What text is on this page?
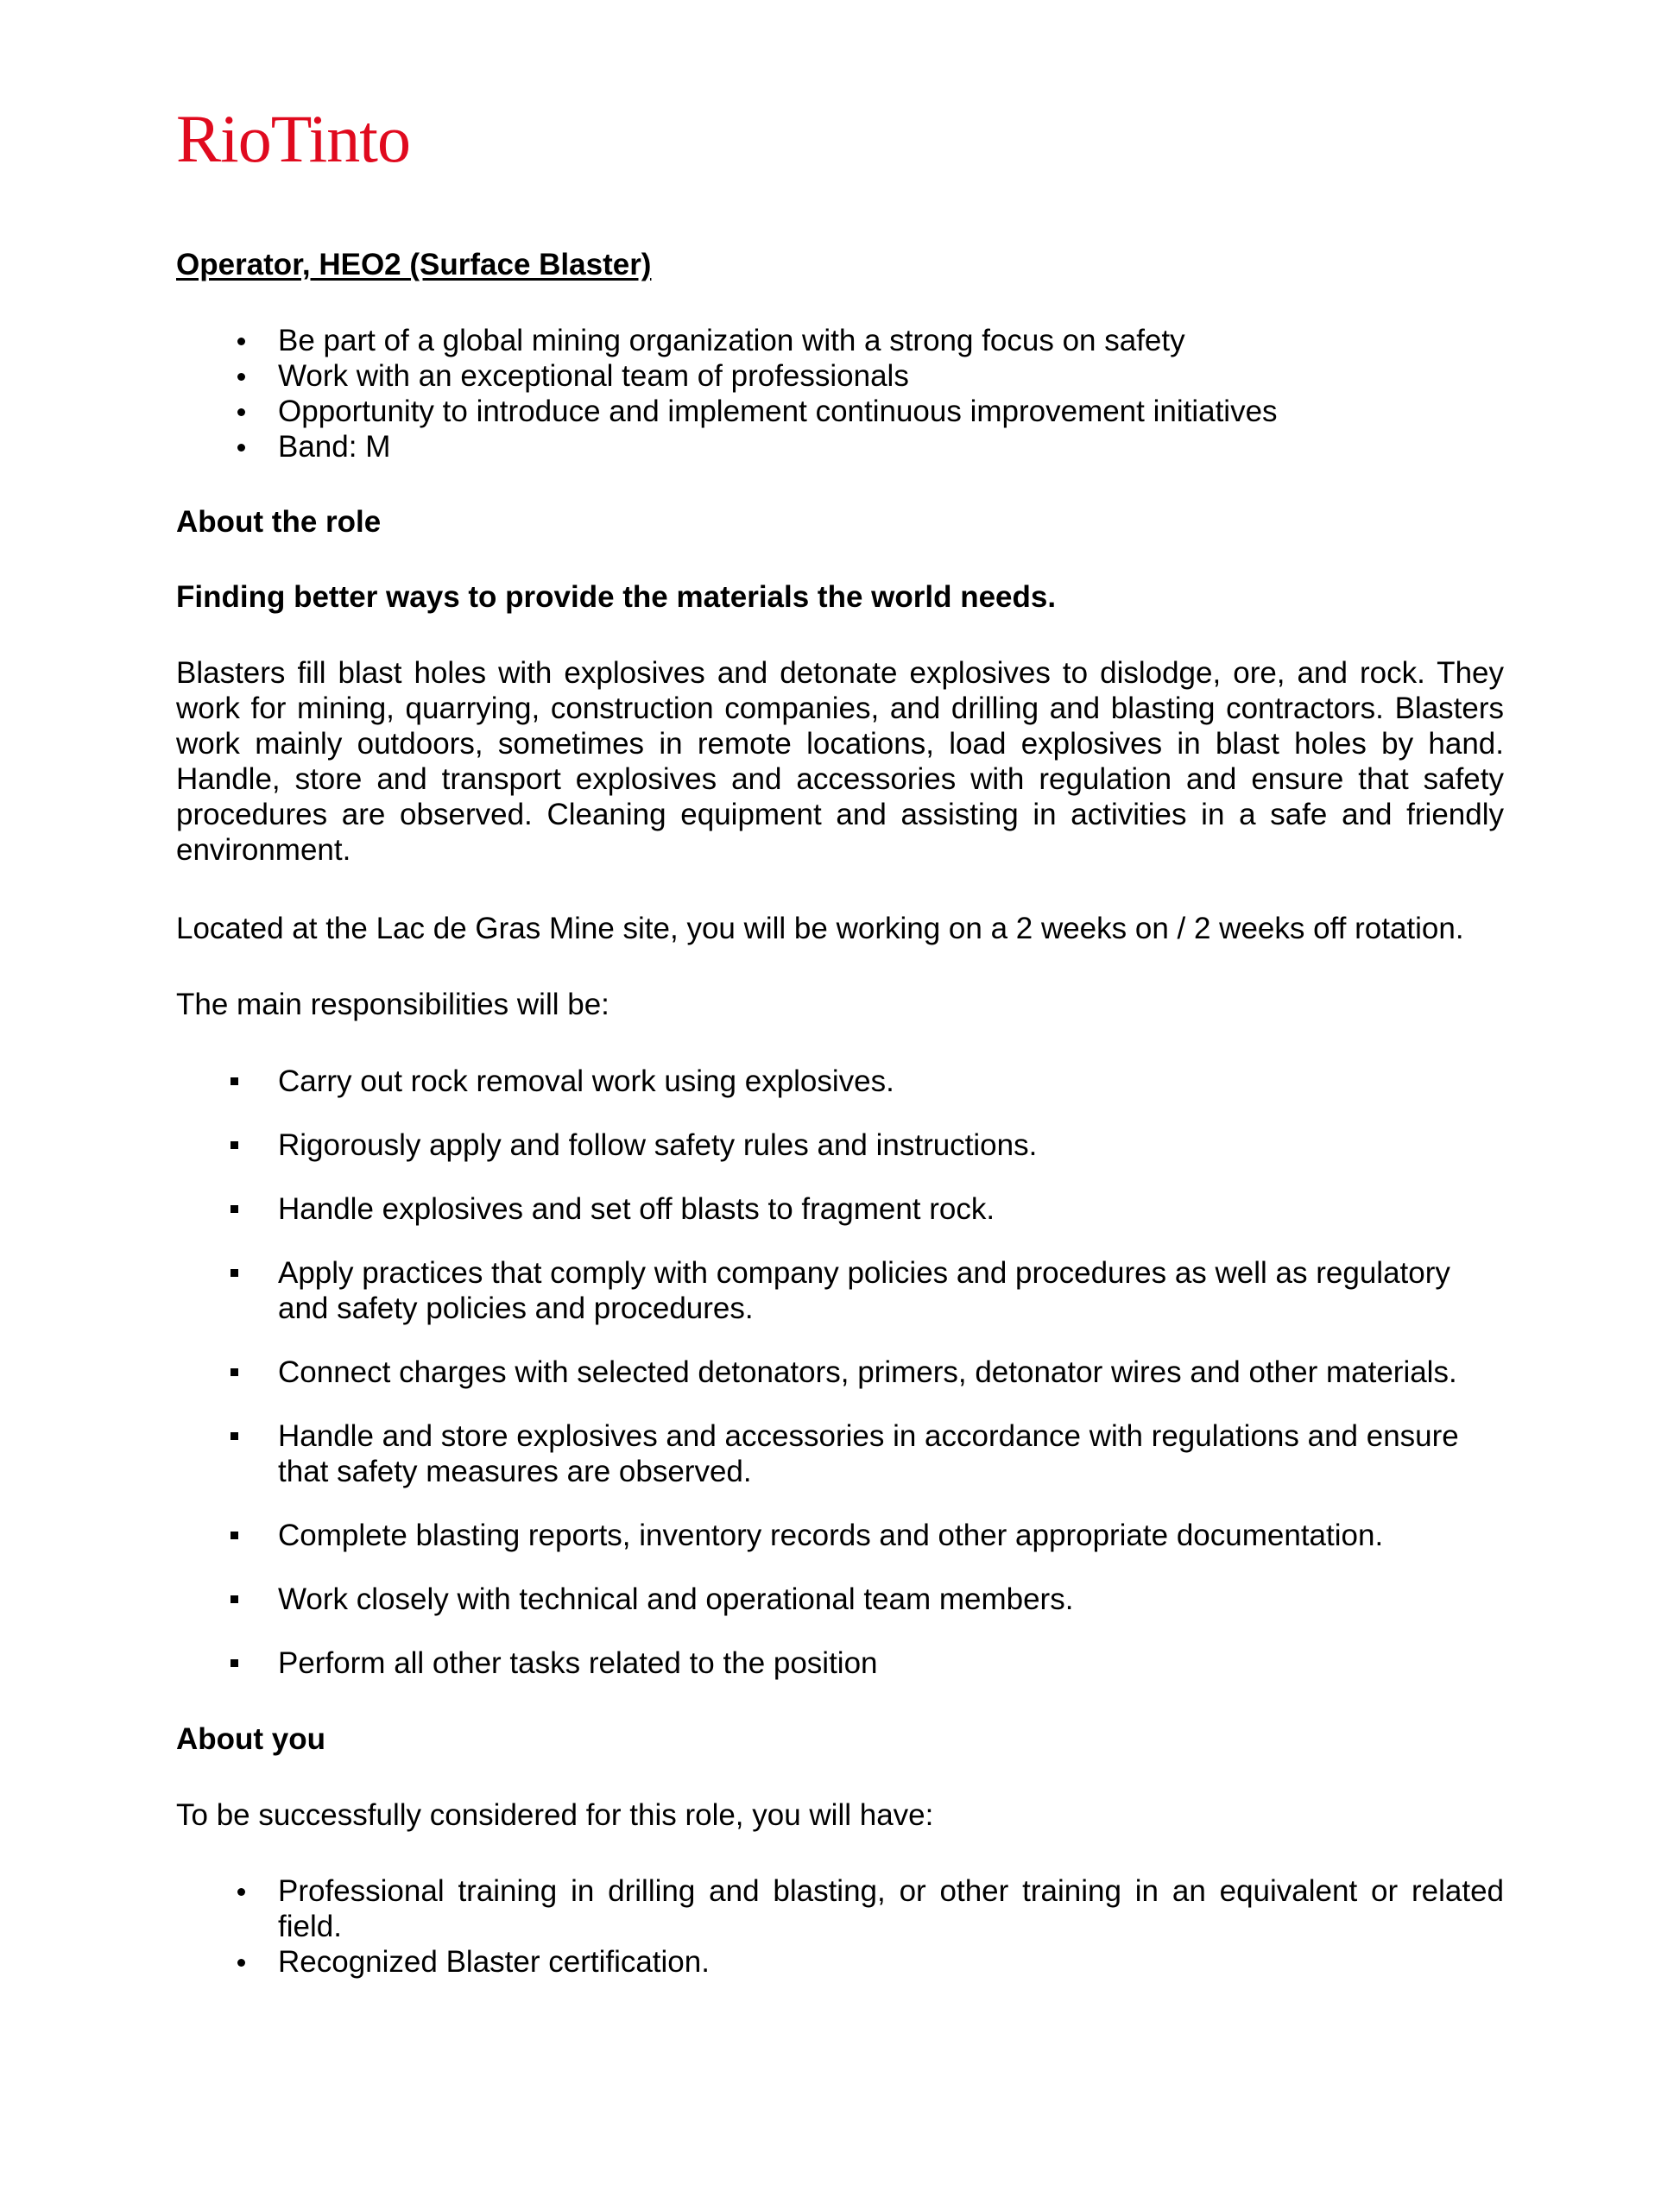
RioTinto
Operator, HEO2 (Surface Blaster)
Be part of a global mining organization with a strong focus on safety
Work with an exceptional team of professionals
Opportunity to introduce and implement continuous improvement initiatives
Band: M
About the role
Finding better ways to provide the materials the world needs.
Blasters fill blast holes with explosives and detonate explosives to dislodge, ore, and rock. They work for mining, quarrying, construction companies, and drilling and blasting contractors. Blasters work mainly outdoors, sometimes in remote locations, load explosives in blast holes by hand. Handle, store and transport explosives and accessories with regulation and ensure that safety procedures are observed. Cleaning equipment and assisting in activities in a safe and friendly environment.
Located at the Lac de Gras Mine site, you will be working on a 2 weeks on / 2 weeks off rotation.
The main responsibilities will be:
Carry out rock removal work using explosives.
Rigorously apply and follow safety rules and instructions.
Handle explosives and set off blasts to fragment rock.
Apply practices that comply with company policies and procedures as well as regulatory and safety policies and procedures.
Connect charges with selected detonators, primers, detonator wires and other materials.
Handle and store explosives and accessories in accordance with regulations and ensure that safety measures are observed.
Complete blasting reports, inventory records and other appropriate documentation.
Work closely with technical and operational team members.
Perform all other tasks related to the position
About you
To be successfully considered for this role, you will have:
Professional training in drilling and blasting, or other training in an equivalent or related field.
Recognized Blaster certification.
